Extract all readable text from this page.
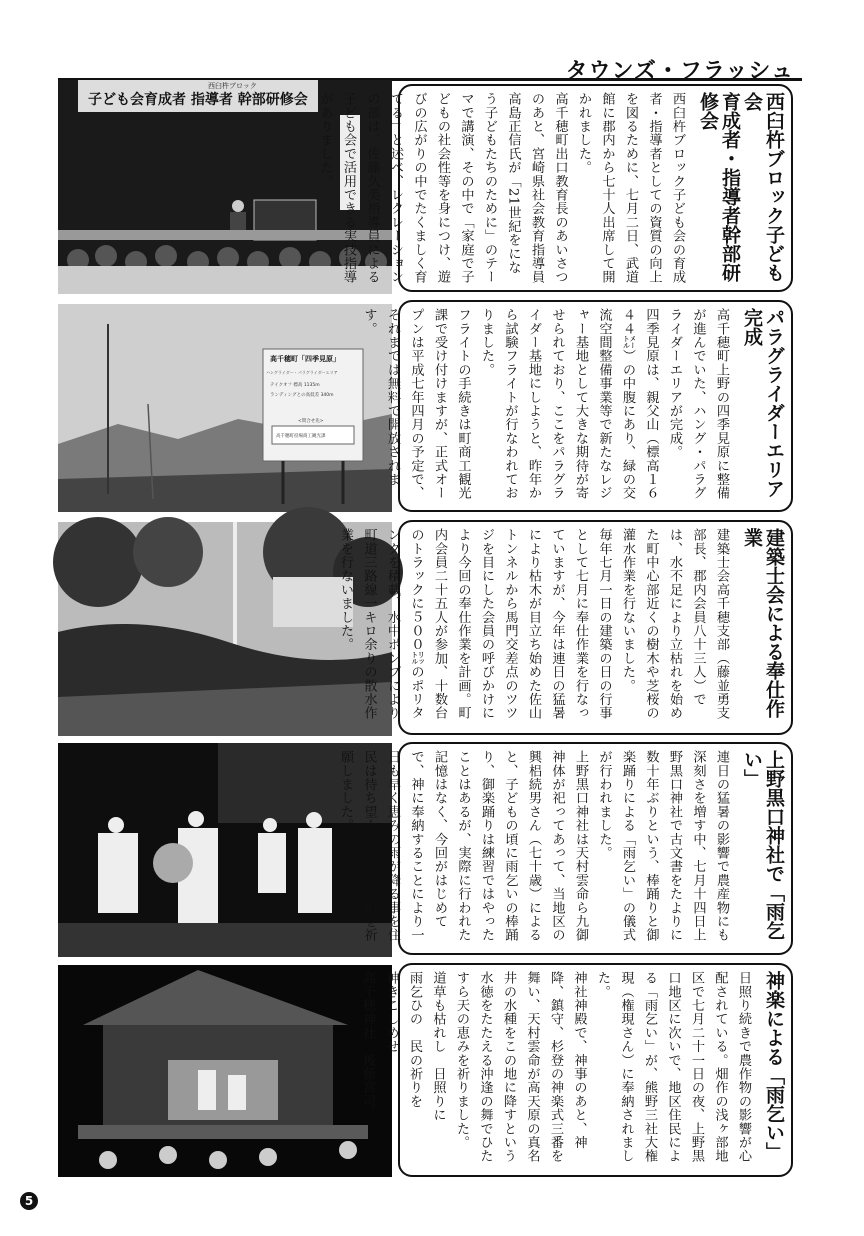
タウンズ・フラッシュ
西臼杵ブロック
子ども会育成者 指導者 幹部研修会
高千穂町「四季見原」
ハングライダー・パラグライダーエリア
テイクオフ 標高 1135m
ランディングとの高低差 340m
<問合せ先>
高千穂町役場商工観光課
西臼杵ブロック子ども会
育成者・指導者幹部研修会
西臼杵ブロック子ども会の育成者・指導者としての資質の向上を図るために、七月二日、武道館に郡内から七十人出席して開かれました。
高千穂町出口教育長のあいさつのあと、宮崎県社会教育指導員高島正信氏が「21世紀をになう子どもたちのために」のテーマで講演、その中で「家庭で子どもの社会性等を身につけ、遊びの広がりの中でたくましく育てる」と述べ、レクレーションの部は、佐藤久美指導員による子ども会で活用できる実技指導がありました。
パラグライダーエリア完成
高千穂町上野の四季見原に整備が進んでいた、ハング・パラグライダーエリアが完成。
四季見原は、親父山（標高１６４４㍍）の中腹にあり、緑の交流空間整備事業等で新たなレジャー基地として大きな期待が寄せられており、ここをパラグライダー基地にしようと、昨年から試験フライトが行なわれておりました。
フライトの手続きは町商工観光課で受け付けますが、正式オープンは平成七年四月の予定で、それまでは無料で開放されます。
建築士会による奉仕作業
建築士会高千穂支部（藤並勇支部長、郡内会員八十三人）では、水不足により立枯れを始めた町中心部近くの樹木や芝桜の灌水作業を行ないました。
毎年七月一日の建築の日の行事として七月に奉仕作業を行なっていますが、今年は連日の猛暑により枯木が目立ち始めた佐山トンネルから馬門交差点のツツジを目にした会員の呼びかけにより今回の奉仕作業を計画。町内会員二十五人が参加、十数台のトラックに５００㍑のポリタンクを積載、水中ポンプにより町道三路線一キロ余りの散水作業を行ないました。
上野黒口神社で「雨乞い」
連日の猛暑の影響で農産物にも深刻さを増す中、七月十四日上野黒口神社で古文書をたよりに数十年ぶりという、棒踊りと御楽踊りによる「雨乞い」の儀式が行われました。
上野黒口神社は天村雲命ら九御神体が祀ってあって、当地区の興梠続男さん（七十歳）によると、子どもの頃に雨乞いの棒踊り、御楽踊りは練習ではやったことはあるが、実際に行われた記憶はなく、今回がはじめてで、神に奉納することにより一日も早く恵みの雨が降る事を住民は待ち望んでいる。と雨を祈願しました。
神楽による「雨乞い」
日照り続きで農作物の影響が心配されている。畑作の浅ヶ部地区で七月二十一日の夜、上野黒口地区に次いで、地区住民による「雨乞い」が、熊野三社大権現（権現さん）に奉納されました。
神社神殿で、神事のあと、神降、鎮守、杉登の神楽式三番を舞い、天村雲命が高天原の真名井の水種をこの地に降すという水徳をたたえる沖逢の舞でひたすら天の恵みを祈りました。
道草も枯れし　日照りに
雨乞ひの　民の祈りを
神きこしめせ
高千穂神社　後藤宮司
5
